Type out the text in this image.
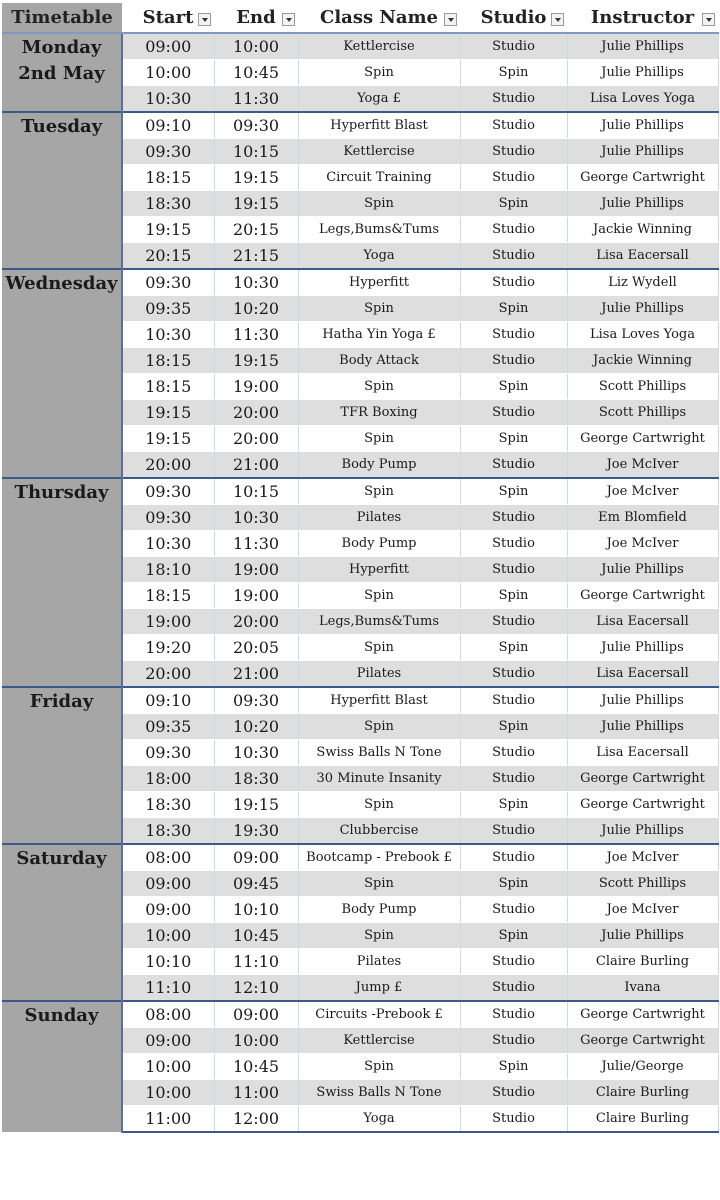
Timetable	Start	End	Class Name	Studio	Instructor

Monday 2nd May	09:00	10:00	Kettlercise	Studio	Julie Phillips
	10:00	10:45	Spin	Spin	Julie Phillips
	10:30	11:30	Yoga £	Studio	Lisa Loves Yoga
Tuesday	09:10	09:30	Hyperfitt Blast	Studio	Julie Phillips
	09:30	10:15	Kettlercise	Studio	Julie Phillips
	18:15	19:15	Circuit Training	Studio	George Cartwright
	18:30	19:15	Spin	Spin	Julie Phillips
	19:15	20:15	Legs,Bums&Tums	Studio	Jackie Winning
	20:15	21:15	Yoga	Studio	Lisa Eacersall
Wednesday	09:30	10:30	Hyperfitt	Studio	Liz Wydell
	09:35	10:20	Spin	Spin	Julie Phillips
	10:30	11:30	Hatha Yin Yoga £	Studio	Lisa Loves Yoga
	18:15	19:15	Body Attack	Studio	Jackie Winning
	18:15	19:00	Spin	Spin	Scott Phillips
	19:15	20:00	TFR Boxing	Studio	Scott Phillips
	19:15	20:00	Spin	Spin	George Cartwright
	20:00	21:00	Body Pump	Studio	Joe McIver
Thursday	09:30	10:15	Spin	Spin	Joe McIver
	09:30	10:30	Pilates	Studio	Em Blomfield
	10:30	11:30	Body Pump	Studio	Joe McIver
	18:10	19:00	Hyperfitt	Studio	Julie Phillips
	18:15	19:00	Spin	Spin	George Cartwright
	19:00	20:00	Legs,Bums&Tums	Studio	Lisa Eacersall
	19:20	20:05	Spin	Spin	Julie Phillips
	20:00	21:00	Pilates	Studio	Lisa Eacersall
Friday	09:10	09:30	Hyperfitt Blast	Studio	Julie Phillips
	09:35	10:20	Spin	Spin	Julie Phillips
	09:30	10:30	Swiss Balls N Tone	Studio	Lisa Eacersall
	18:00	18:30	30 Minute Insanity	Studio	George Cartwright
	18:30	19:15	Spin	Spin	George Cartwright
	18:30	19:30	Clubbercise	Studio	Julie Phillips
Saturday	08:00	09:00	Bootcamp - Prebook £	Studio	Joe McIver
	09:00	09:45	Spin	Spin	Scott Phillips
	09:00	10:10	Body Pump	Studio	Joe McIver
	10:00	10:45	Spin	Spin	Julie Phillips
	10:10	11:10	Pilates	Studio	Claire Burling
	11:10	12:10	Jump £	Studio	Ivana
Sunday	08:00	09:00	Circuits -Prebook £	Studio	George Cartwright
	09:00	10:00	Kettlercise	Studio	George Cartwright
	10:00	10:45	Spin	Spin	Julie/George
	10:00	11:00	Swiss Balls N Tone	Studio	Claire Burling
	11:00	12:00	Yoga	Studio	Claire Burling
